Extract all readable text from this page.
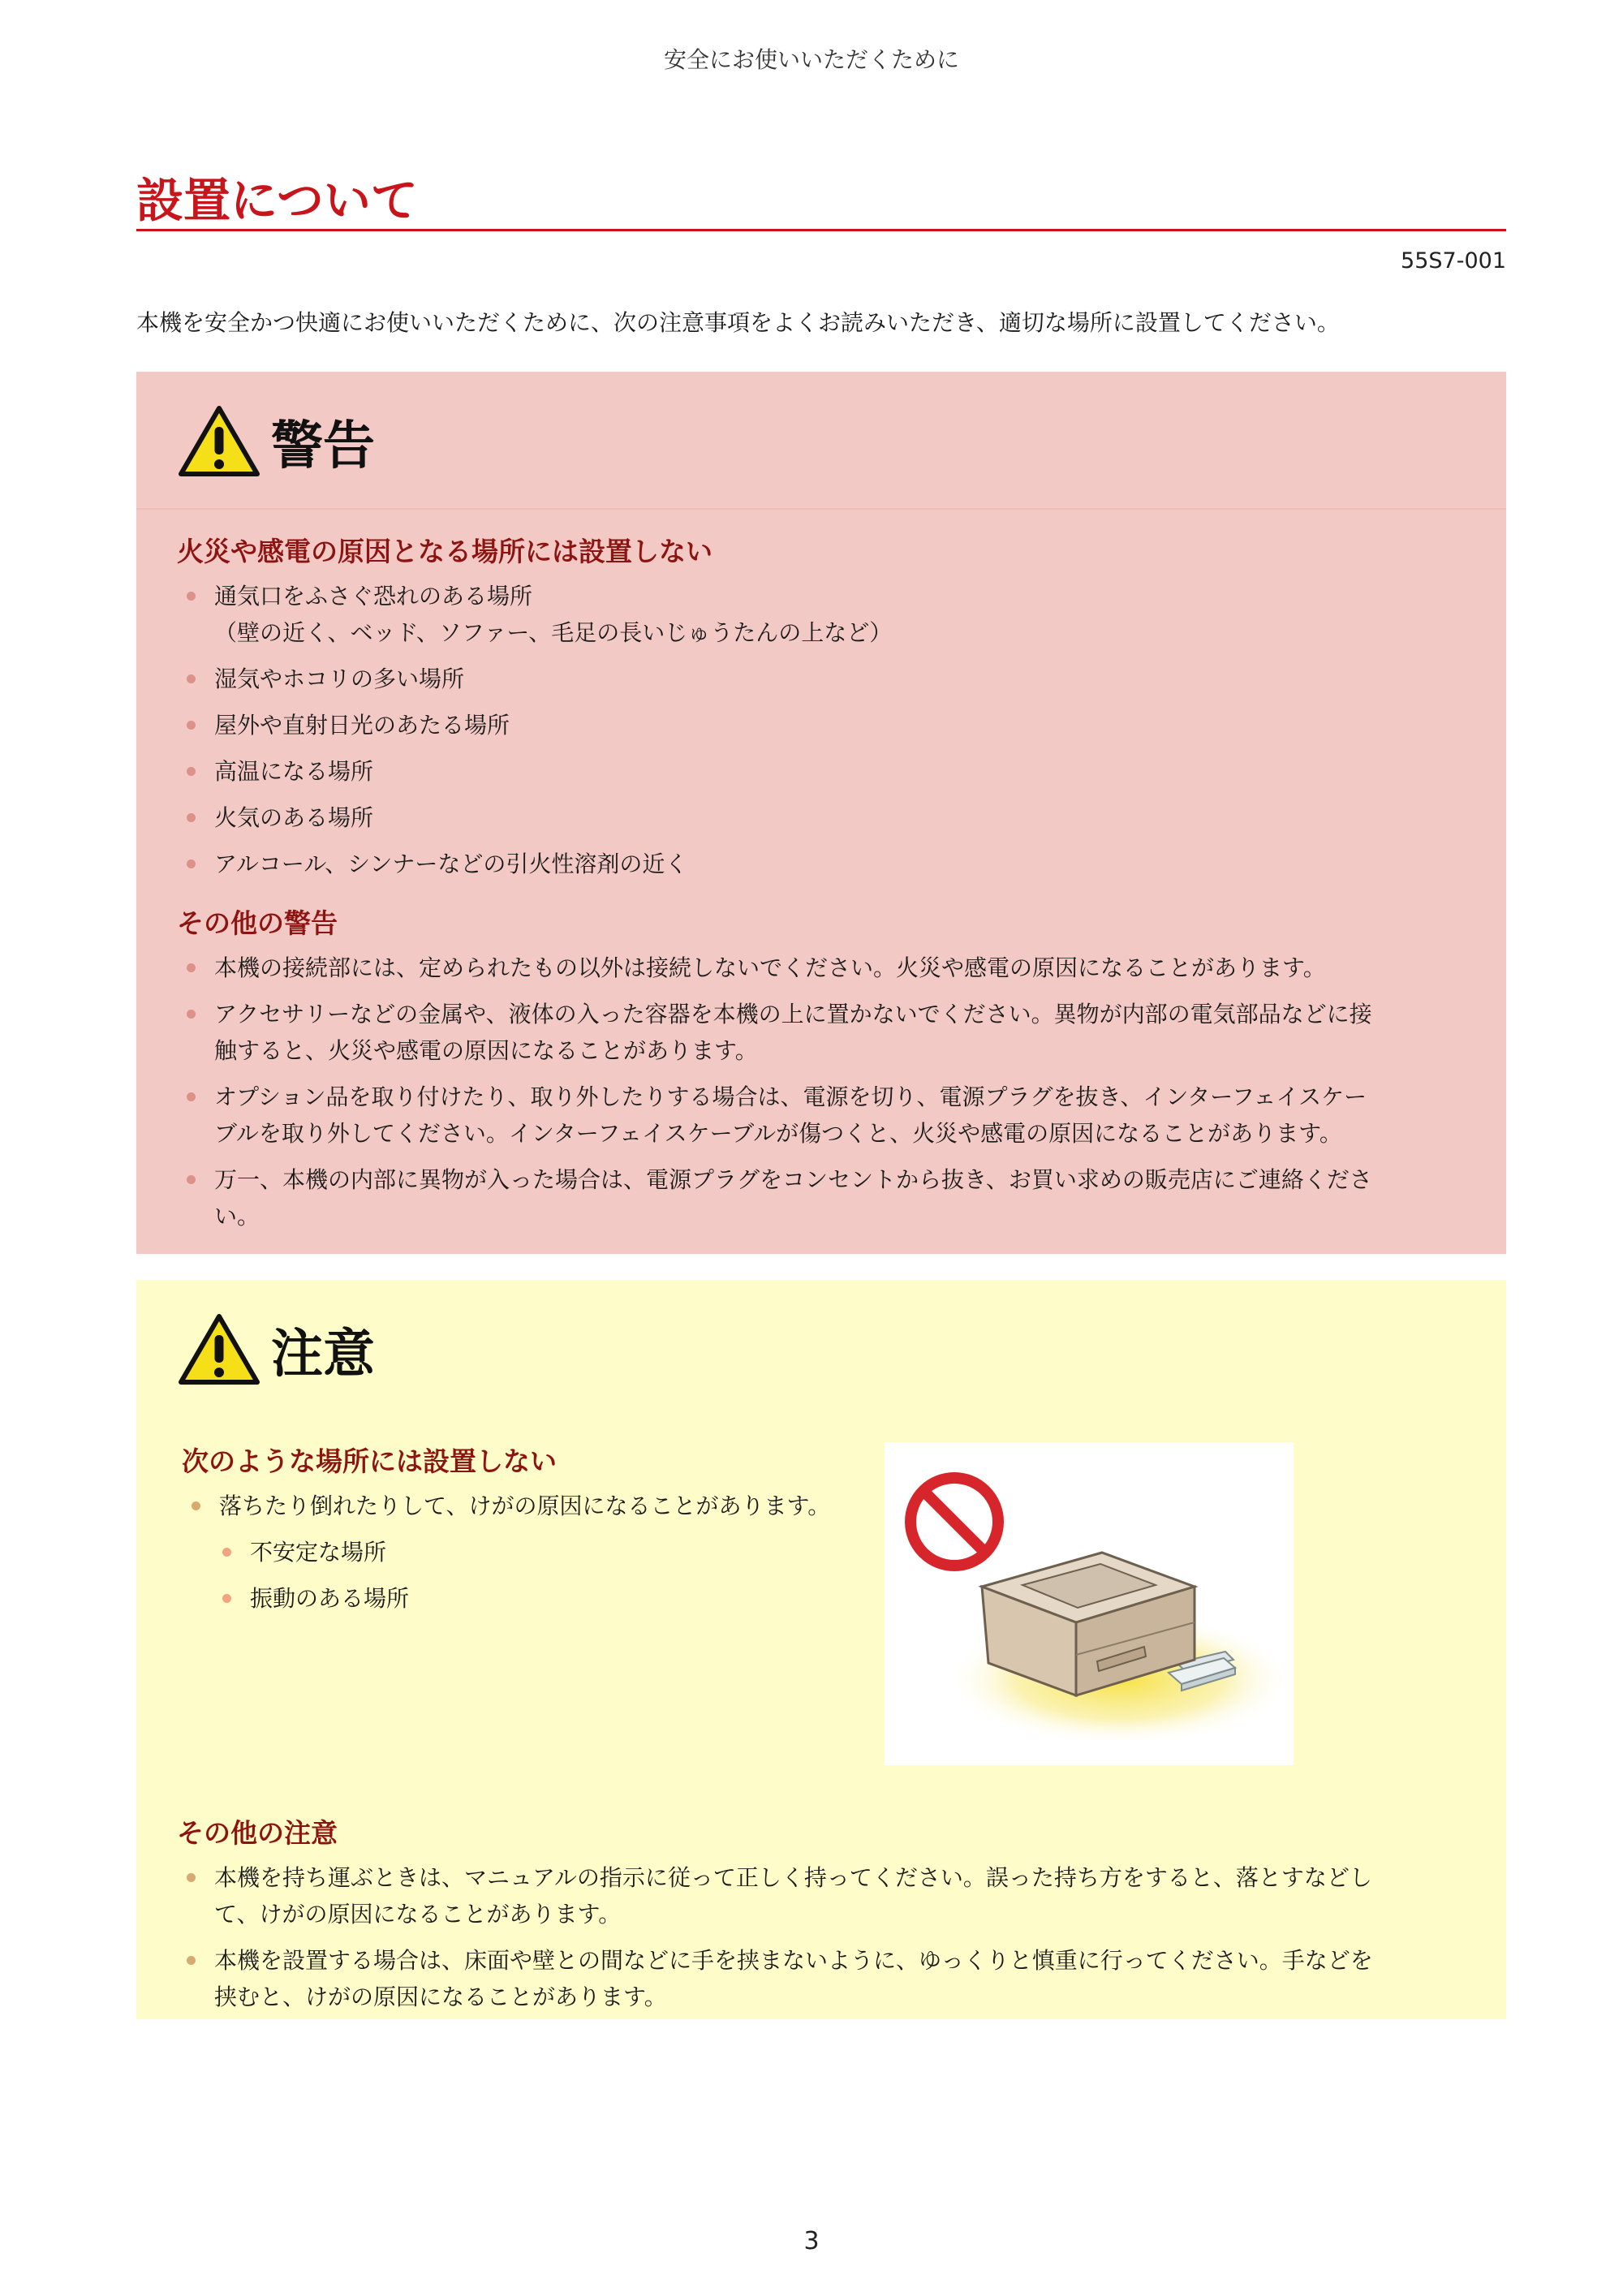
安全にお使いいただくために
設置について
55S7-001

本機を安全かつ快適にお使いいただくために、次の注意事項をよくお読みいただき、適切な場所に設置してください。

警告
火災や感電の原因となる場所には設置しない
通気口をふさぐ恐れのある場所
（壁の近く、ベッド、ソファー、毛足の長いじゅうたんの上など）
湿気やホコリの多い場所
屋外や直射日光のあたる場所
高温になる場所
火気のある場所
アルコール、シンナーなどの引火性溶剤の近く
その他の警告
本機の接続部には、定められたもの以外は接続しないでください。火災や感電の原因になることがあります。
アクセサリーなどの金属や、液体の入った容器を本機の上に置かないでください。異物が内部の電気部品などに接
触すると、火災や感電の原因になることがあります。
オプション品を取り付けたり、取り外したりする場合は、電源を切り、電源プラグを抜き、インターフェイスケー
ブルを取り外してください。インターフェイスケーブルが傷つくと、火災や感電の原因になることがあります。
万一、本機の内部に異物が入った場合は、電源プラグをコンセントから抜き、お買い求めの販売店にご連絡くださ
い。
注意
次のような場所には設置しない
落ちたり倒れたりして、けがの原因になることがあります。
不安定な場所
振動のある場所
その他の注意
本機を持ち運ぶときは、マニュアルの指示に従って正しく持ってください。誤った持ち方をすると、落とすなどし
て、けがの原因になることがあります。
本機を設置する場合は、床面や壁との間などに手を挟まないように、ゆっくりと慎重に行ってください。手などを
挟むと、けがの原因になることがあります。
3
